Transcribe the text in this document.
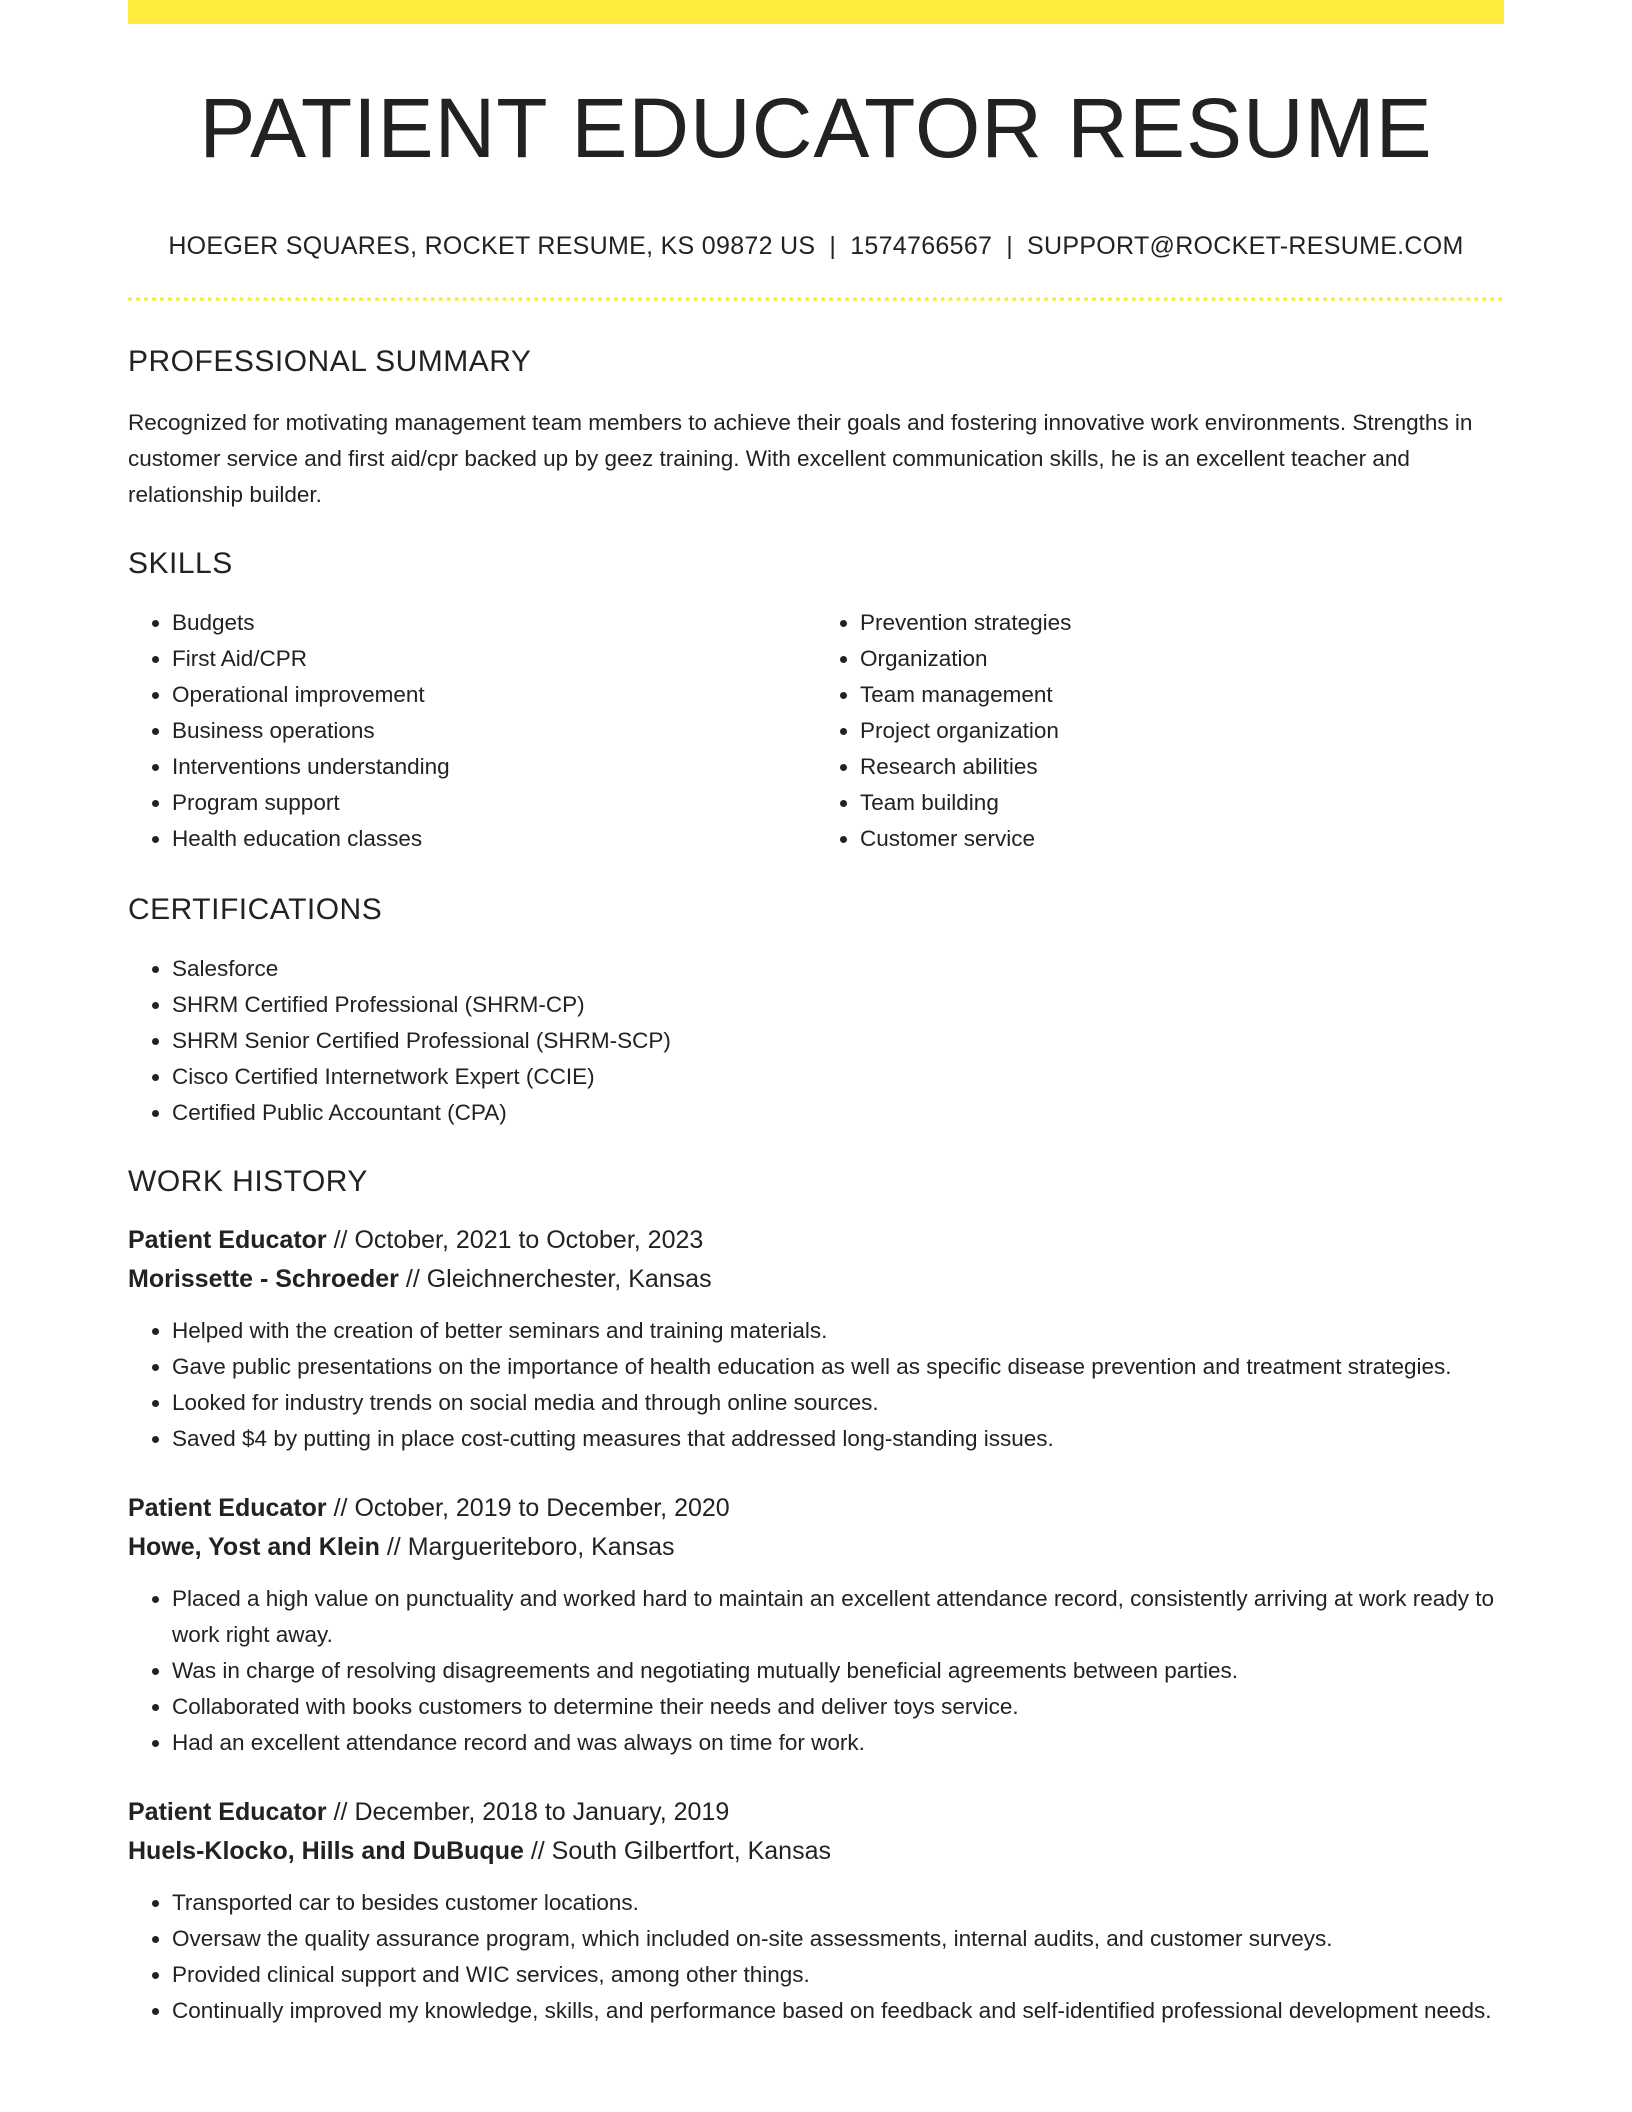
PATIENT EDUCATOR RESUME
HOEGER SQUARES, ROCKET RESUME, KS 09872 US | 1574766567 | SUPPORT@ROCKET-RESUME.COM
PROFESSIONAL SUMMARY
Recognized for motivating management team members to achieve their goals and fostering innovative work environments. Strengths in customer service and first aid/cpr backed up by geez training. With excellent communication skills, he is an excellent teacher and relationship builder.
SKILLS
• Budgets
• First Aid/CPR
• Operational improvement
• Business operations
• Interventions understanding
• Program support
• Health education classes
• Prevention strategies
• Organization
• Team management
• Project organization
• Research abilities
• Team building
• Customer service
CERTIFICATIONS
• Salesforce
• SHRM Certified Professional (SHRM-CP)
• SHRM Senior Certified Professional (SHRM-SCP)
• Cisco Certified Internetwork Expert (CCIE)
• Certified Public Accountant (CPA)
WORK HISTORY
Patient Educator // October, 2021 to October, 2023
Morissette - Schroeder // Gleichnerchester, Kansas
• Helped with the creation of better seminars and training materials.
• Gave public presentations on the importance of health education as well as specific disease prevention and treatment strategies.
• Looked for industry trends on social media and through online sources.
• Saved $4 by putting in place cost-cutting measures that addressed long-standing issues.
Patient Educator // October, 2019 to December, 2020
Howe, Yost and Klein // Margueriteboro, Kansas
• Placed a high value on punctuality and worked hard to maintain an excellent attendance record, consistently arriving at work ready to work right away.
• Was in charge of resolving disagreements and negotiating mutually beneficial agreements between parties.
• Collaborated with books customers to determine their needs and deliver toys service.
• Had an excellent attendance record and was always on time for work.
Patient Educator // December, 2018 to January, 2019
Huels-Klocko, Hills and DuBuque // South Gilbertfort, Kansas
• Transported car to besides customer locations.
• Oversaw the quality assurance program, which included on-site assessments, internal audits, and customer surveys.
• Provided clinical support and WIC services, among other things.
• Continually improved my knowledge, skills, and performance based on feedback and self-identified professional development needs.
